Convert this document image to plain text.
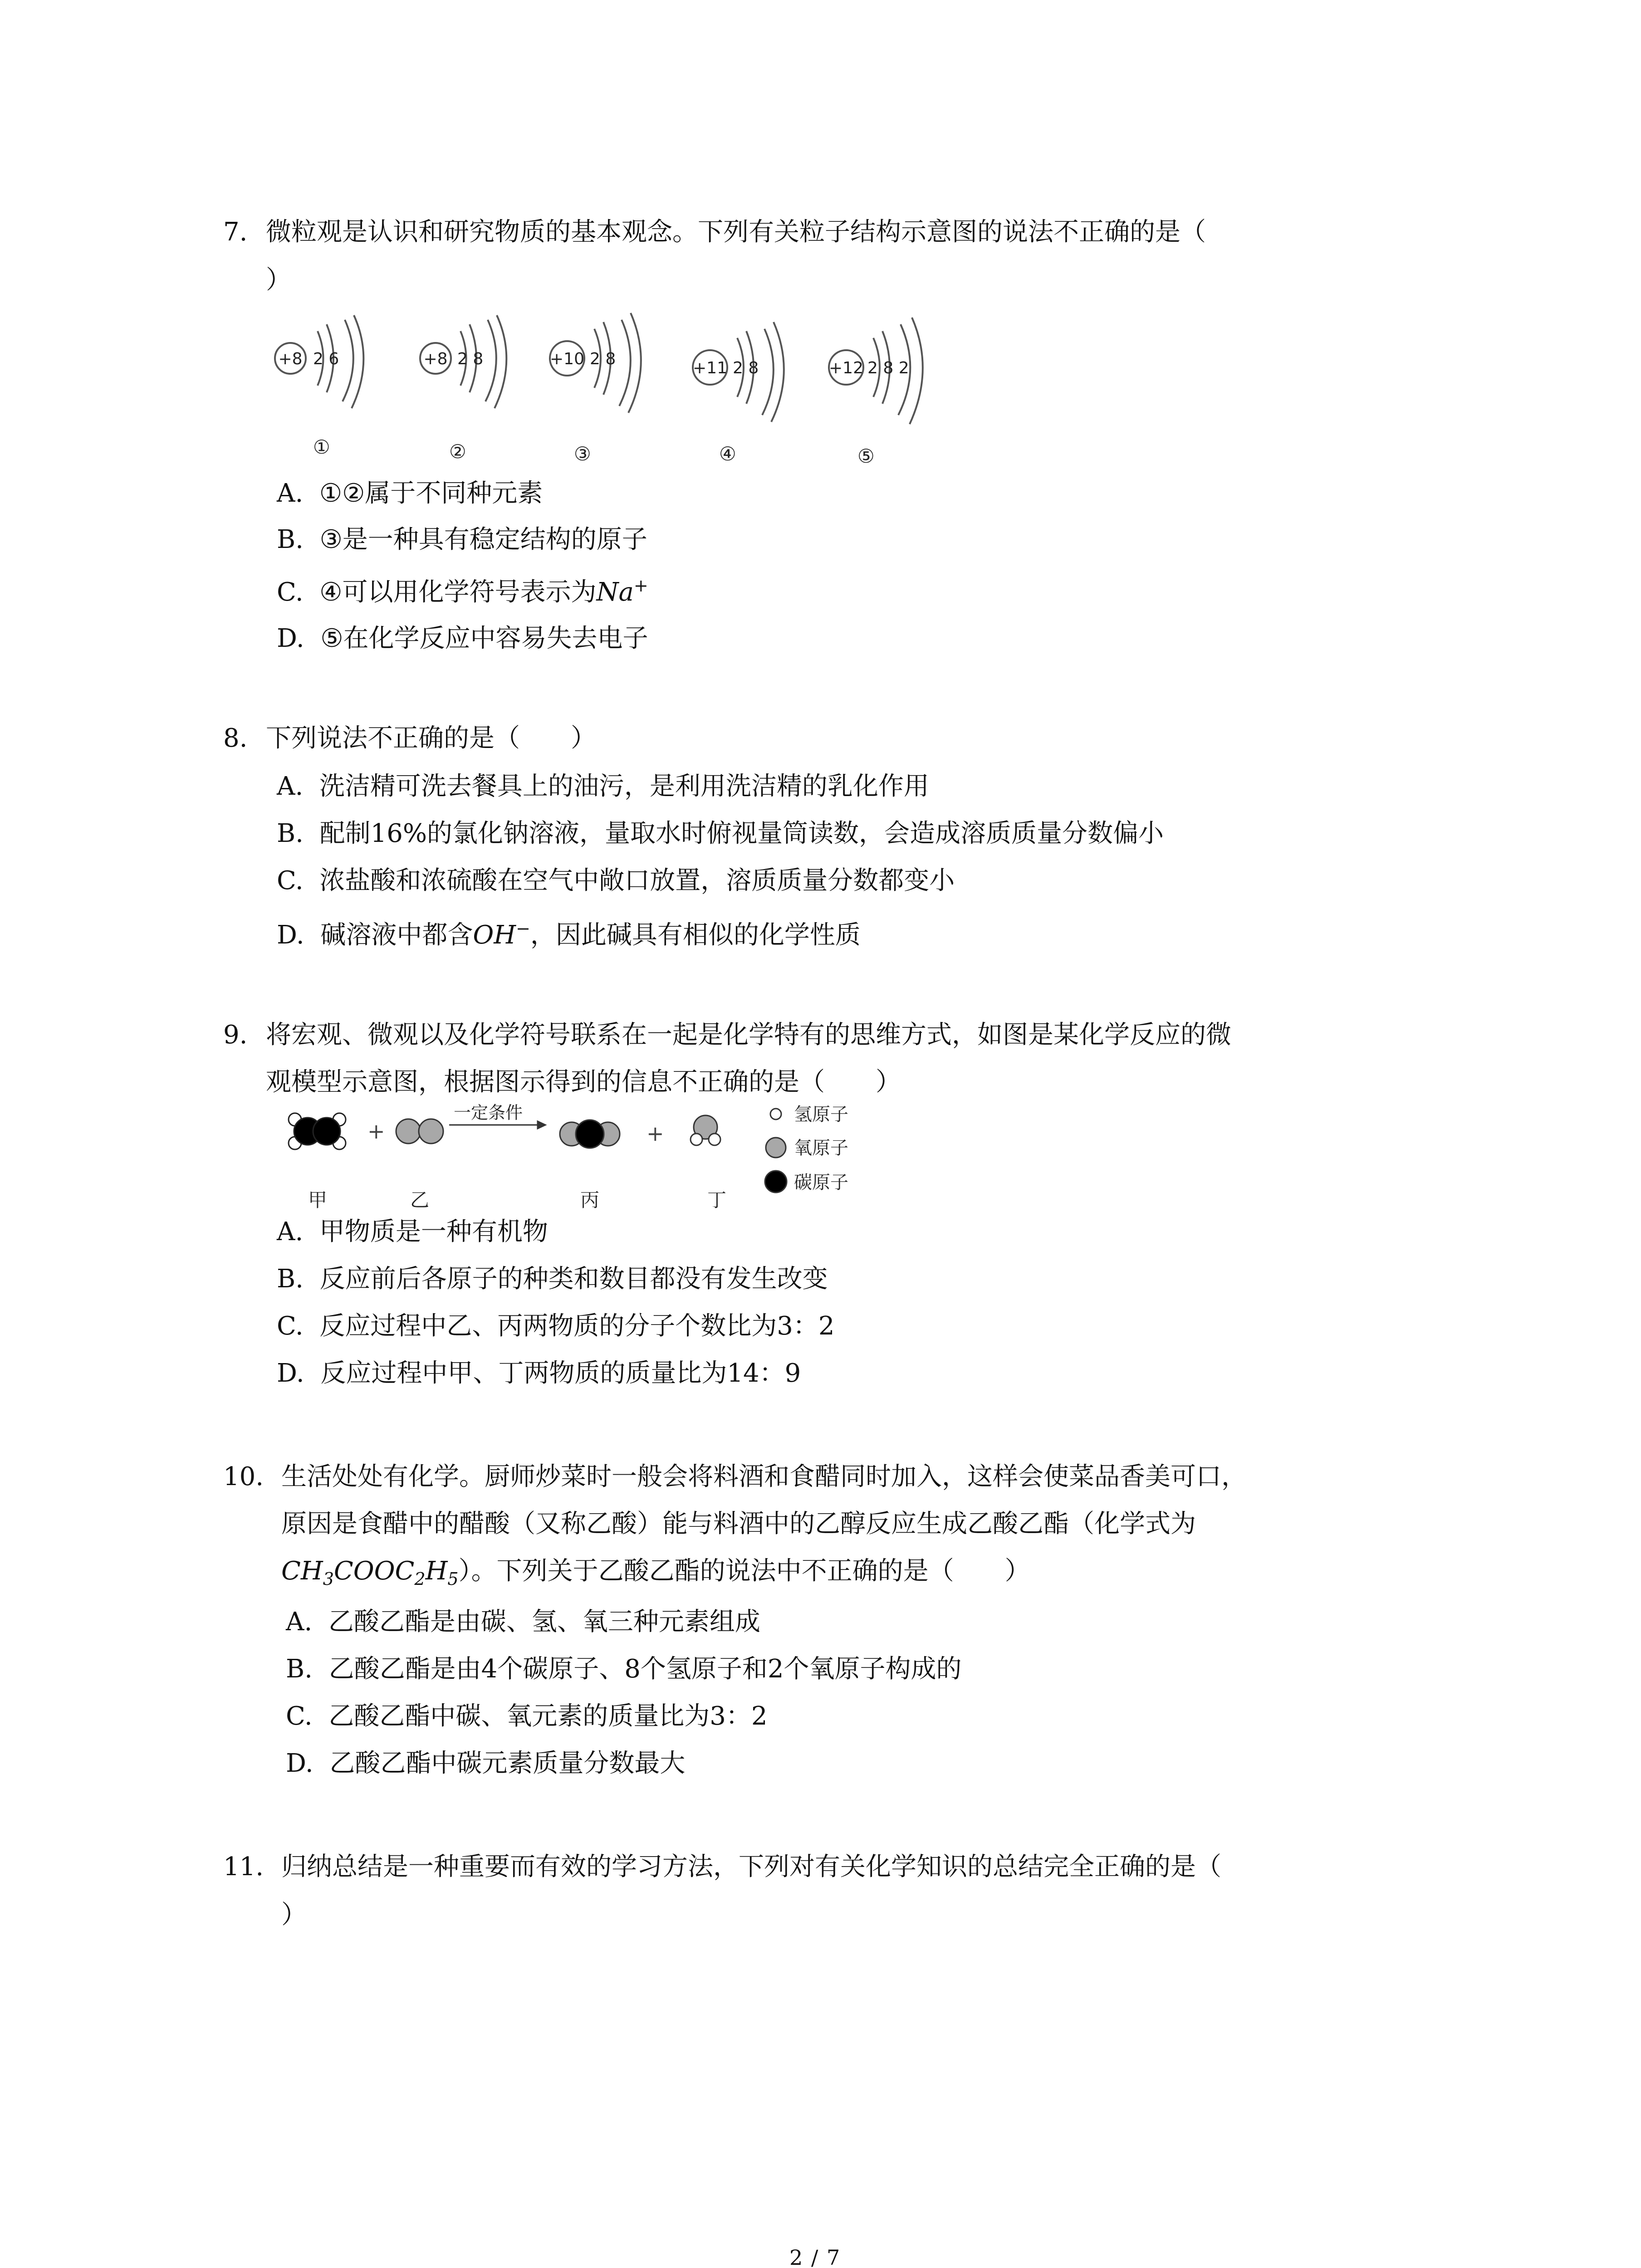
7. 微粒观是认识和研究物质的基本观念。下列有关粒子结构示意图的说法不正确的是（
）
+8 2 6
①
+8 2 8
②
+10 2 8
③
+11 2 8
④
+12 2 8 2
⑤
A. ①②属于不同种元素
B. ③是一种具有稳定结构的原子
C. ④可以用化学符号表示为Na+
D. ⑤在化学反应中容易失去电子
8. 下列说法不正确的是（　　）
A. 洗洁精可洗去餐具上的油污，是利用洗洁精的乳化作用
B. 配制16%的氯化钠溶液，量取水时俯视量筒读数，会造成溶质质量分数偏小
C. 浓盐酸和浓硫酸在空气中敞口放置，溶质质量分数都变小
D. 碱溶液中都含OH−，因此碱具有相似的化学性质
9. 将宏观、微观以及化学符号联系在一起是化学特有的思维方式，如图是某化学反应的微
观模型示意图，根据图示得到的信息不正确的是（　　）
+
一定条件
+
氢原子
氧原子
碳原子
甲	乙	丙	丁
A. 甲物质是一种有机物
B. 反应前后各原子的种类和数目都没有发生改变
C. 反应过程中乙、丙两物质的分子个数比为3：2
D. 反应过程中甲、丁两物质的质量比为14：9
10. 生活处处有化学。厨师炒菜时一般会将料酒和食醋同时加入，这样会使菜品香美可口，
原因是食醋中的醋酸（又称乙酸）能与料酒中的乙醇反应生成乙酸乙酯（化学式为
$CH_3COOC_2H_5$）。下列关于乙酸乙酯的说法中不正确的是（　　）
A. 乙酸乙酯是由碳、氢、氧三种元素组成
B. 乙酸乙酯是由4个碳原子、8个氢原子和2个氧原子构成的
C. 乙酸乙酯中碳、氧元素的质量比为3：2
D. 乙酸乙酯中碳元素质量分数最大
11. 归纳总结是一种重要而有效的学习方法，下列对有关化学知识的总结完全正确的是（
）
2 / 7
